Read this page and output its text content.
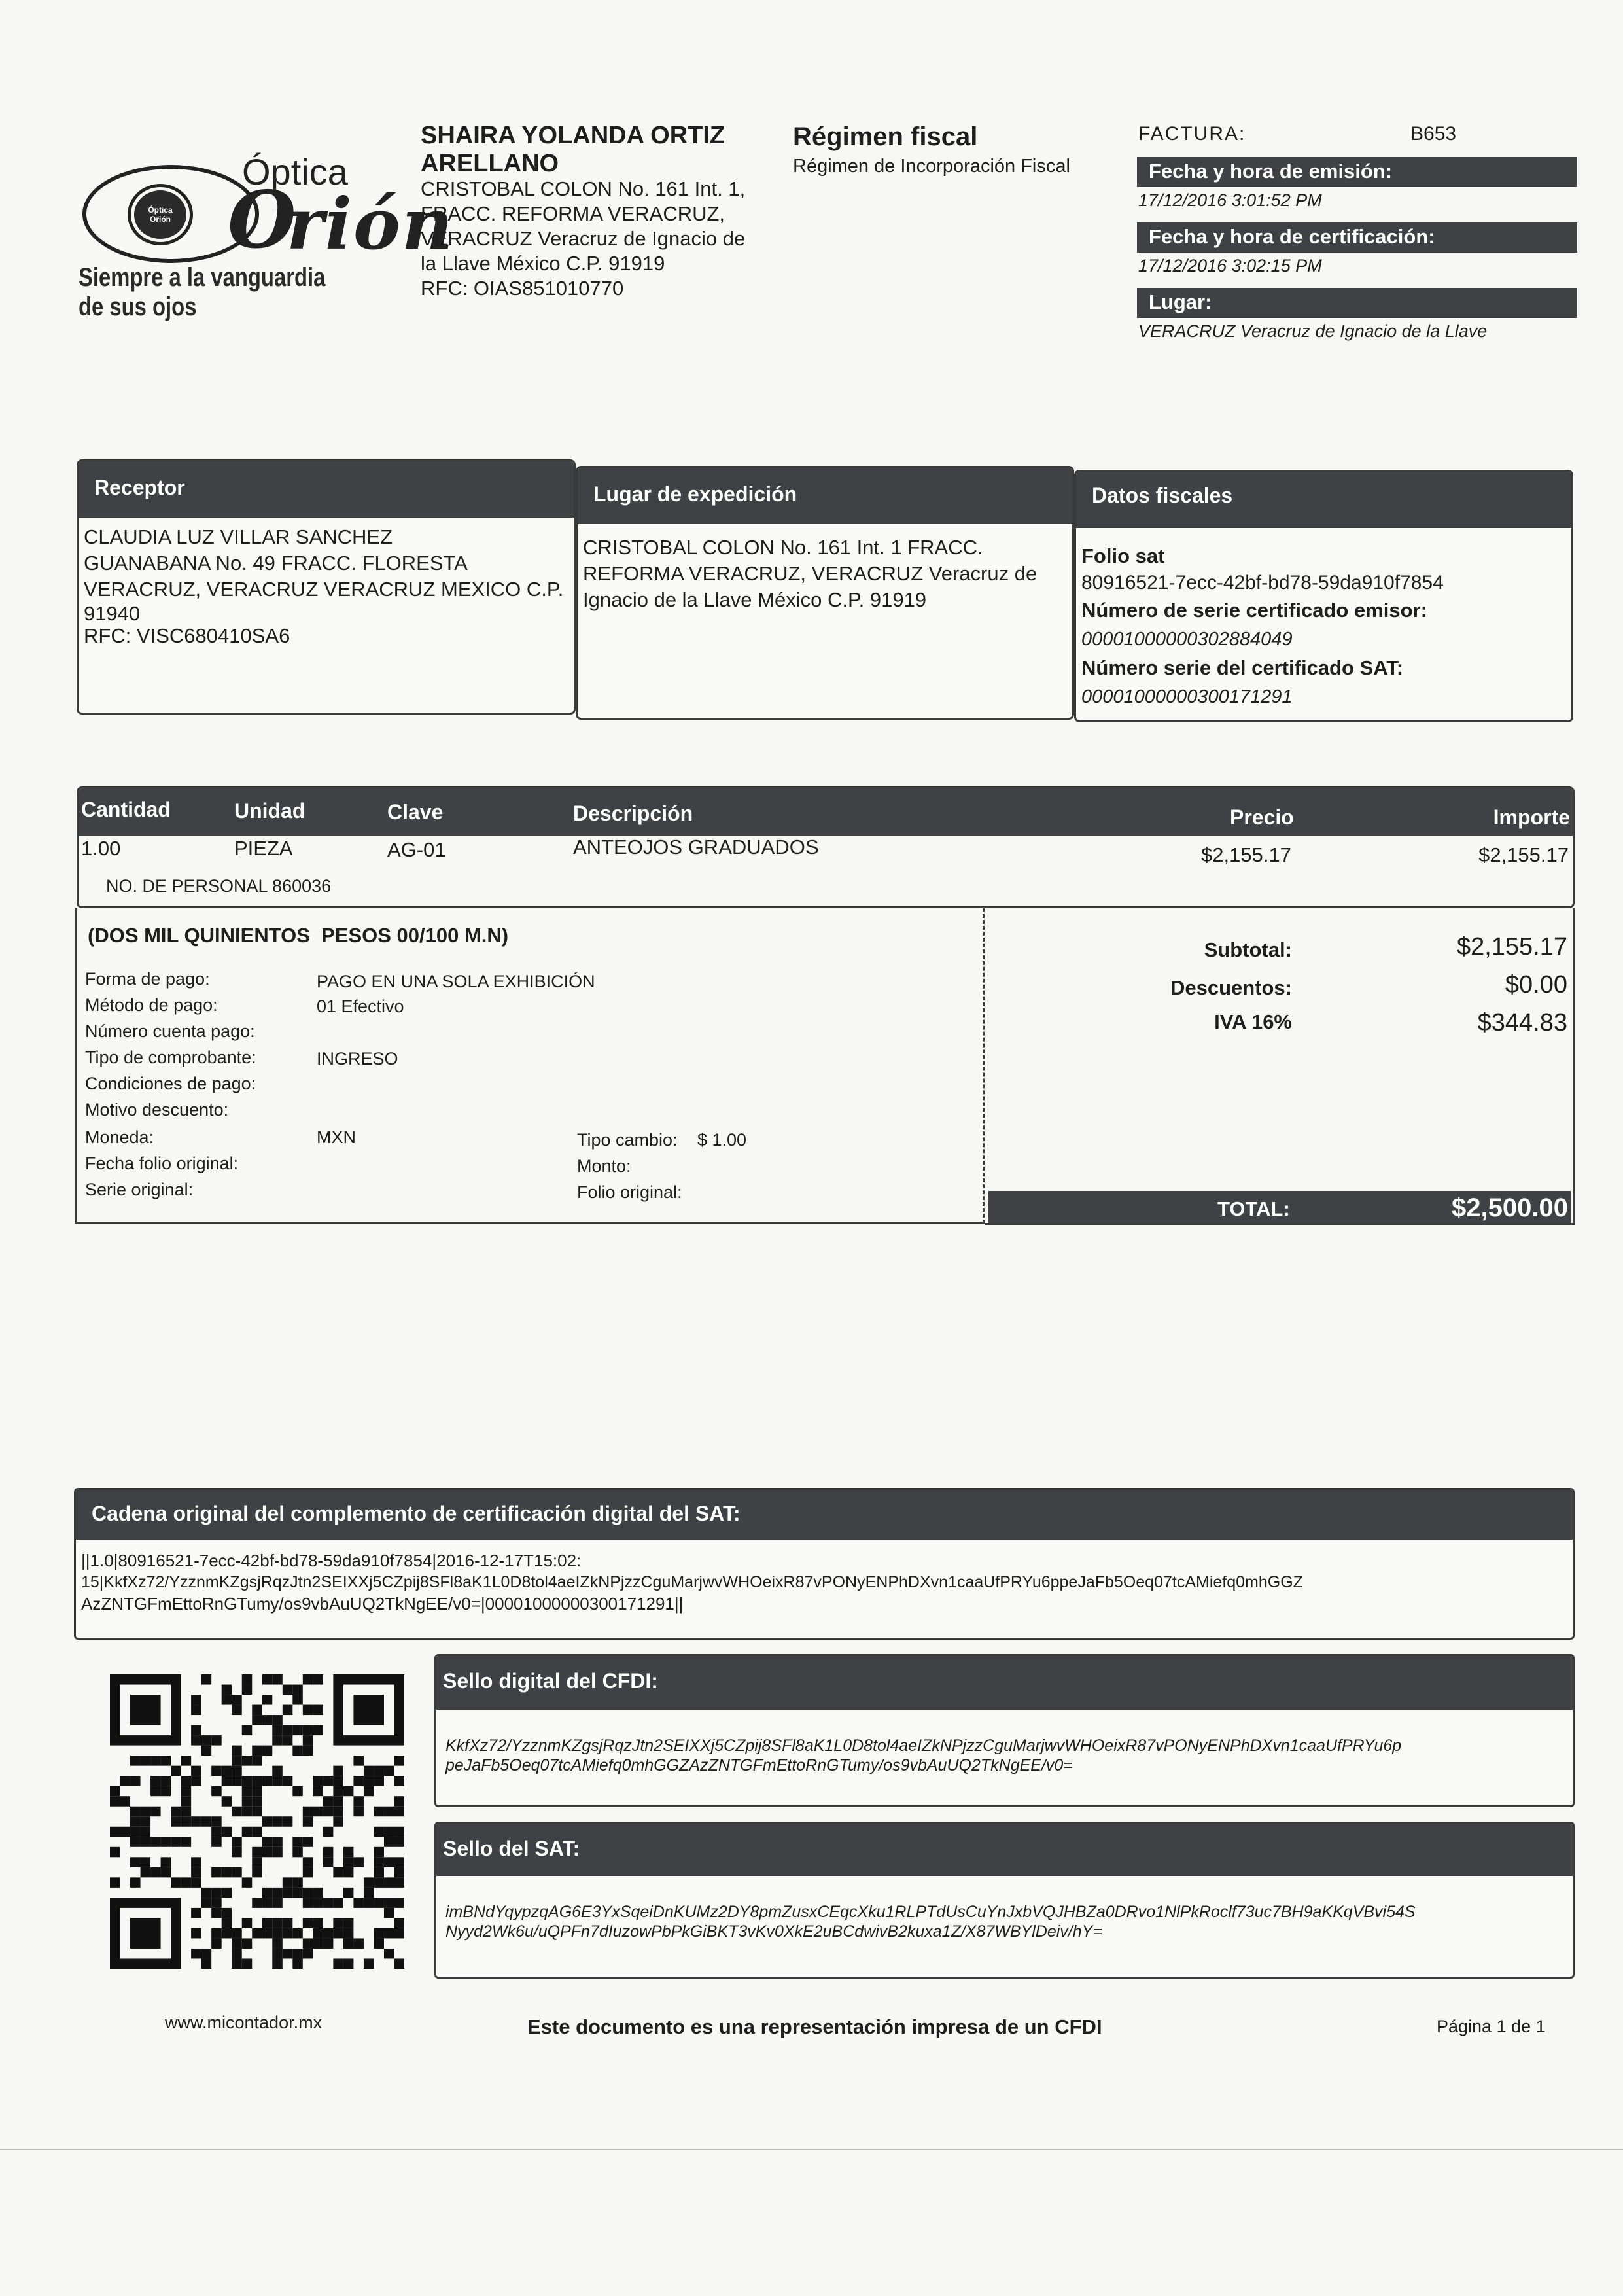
Óptica Orión
Óptica
O
rión
Siempre a la vanguardia de sus ojos
SHAIRA YOLANDA ORTIZ
ARELLANO
CRISTOBAL COLON No. 161 Int. 1,
FRACC. REFORMA VERACRUZ,
VERACRUZ Veracruz de Ignacio de
la Llave México C.P. 91919
RFC: OIAS851010770
Régimen fiscal
Régimen de Incorporación Fiscal
FACTURA:	B653
Fecha y hora de emisión:
17/12/2016 3:01:52 PM
Fecha y hora de certificación:
17/12/2016 3:02:15 PM
Lugar:
VERACRUZ Veracruz de Ignacio de la Llave
Receptor
CLAUDIA LUZ VILLAR SANCHEZ
GUANABANA No. 49 FRACC. FLORESTA
VERACRUZ, VERACRUZ VERACRUZ MEXICO C.P.
91940
RFC: VISC680410SA6
Lugar de expedición
CRISTOBAL COLON No. 161 Int. 1 FRACC.
REFORMA VERACRUZ, VERACRUZ Veracruz de
Ignacio de la Llave México C.P. 91919
Datos fiscales
Folio sat
80916521-7ecc-42bf-bd78-59da910f7854
Número de serie certificado emisor:
00001000000302884049
Número serie del certificado SAT:
00001000000300171291
Cantidad	Unidad	Clave	Descripción	Precio	Importe
1.00	PIEZA	AG-01	ANTEOJOS GRADUADOS	$2,155.17	$2,155.17
NO. DE PERSONAL 860036
(DOS MIL QUINIENTOS  PESOS 00/100 M.N)
Forma de pago:	PAGO EN UNA SOLA EXHIBICIÓN
Método de pago:	01 Efectivo
Número cuenta pago:
Tipo de comprobante:	INGRESO
Condiciones de pago:
Motivo descuento:
Moneda:	MXN
Fecha folio original:
Serie original:
Tipo cambio: $ 1.00
Monto:
Folio original:
Subtotal:	$2,155.17
Descuentos:	$0.00
IVA 16%	$344.83
TOTAL:	$2,500.00
Cadena original del complemento de certificación digital del SAT:
||1.0|80916521-7ecc-42bf-bd78-59da910f7854|2016-12-17T15:02:
15|KkfXz72/YzznmKZgsjRqzJtn2SEIXXj5CZpij8SFl8aK1L0D8tol4aeIZkNPjzzCguMarjwvWHOeixR87vPONyENPhDXvn1caaUfPRYu6ppeJaFb5Oeq07tcAMiefq0mhGGZ
AzZNTGFmEttoRnGTumy/os9vbAuUQ2TkNgEE/v0=|00001000000300171291||
Sello digital del CFDI:
KkfXz72/YzznmKZgsjRqzJtn2SEIXXj5CZpij8SFl8aK1L0D8tol4aeIZkNPjzzCguMarjwvWHOeixR87vPONyENPhDXvn1caaUfPRYu6p
peJaFb5Oeq07tcAMiefq0mhGGZAzZNTGFmEttoRnGTumy/os9vbAuUQ2TkNgEE/v0=
Sello del SAT:
imBNdYqypzqAG6E3YxSqeiDnKUMz2DY8pmZusxCEqcXku1RLPTdUsCuYnJxbVQJHBZa0DRvo1NlPkRoclf73uc7BH9aKKqVBvi54S
Nyyd2Wk6u/uQPFn7dIuzowPbPkGiBKT3vKv0XkE2uBCdwivB2kuxa1Z/X87WBYlDeiv/hY=
www.micontador.mx	Este documento es una representación impresa de un CFDI	Página 1 de 1
